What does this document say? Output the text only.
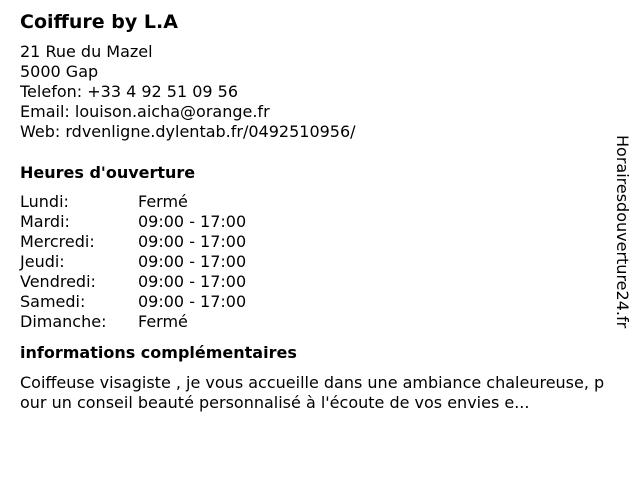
Coiffure by L.A
21 Rue du Mazel
5000 Gap
Telefon: +33 4 92 51 09 56
Email: louison.aicha@orange.fr
Web: rdvenligne.dylentab.fr/0492510956/
Heures d'ouverture
Lundi:	Fermé
Mardi:	09:00 - 17:00
Mercredi:	09:00 - 17:00
Jeudi:	09:00 - 17:00
Vendredi:	09:00 - 17:00
Samedi:	09:00 - 17:00
Dimanche:	Fermé
informations complémentaires
Coiffeuse visagiste , je vous accueille dans une ambiance chaleureuse, pour un conseil beauté personnalisé à l'écoute de vos envies e...
Horairesdouverture24.fr
